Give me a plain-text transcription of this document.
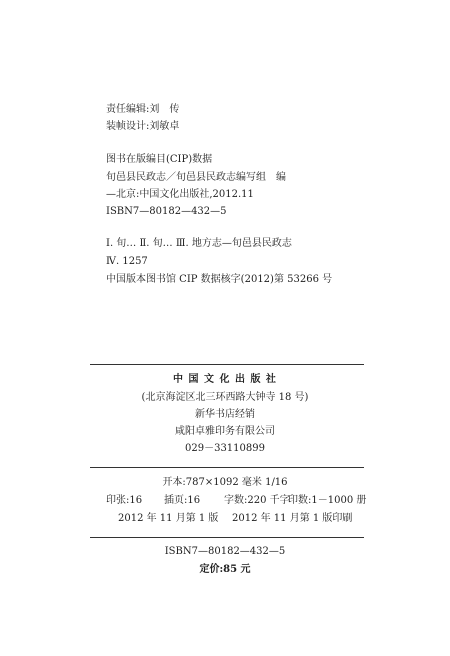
责任编辑:刘　传
装帧设计:刘敏卓
图书在版编目(CIP)数据
旬邑县民政志／旬邑县民政志编写组　编
—北京:中国文化出版社,2012.11
ISBN7—80182—432—5
Ⅰ. 旬… Ⅱ. 旬… Ⅲ. 地方志—旬邑县民政志
Ⅳ. 1257
中国版本图书馆 CIP 数据核字(2012)第 53266 号
中 国 文 化 出 版 社
(北京海淀区北三环西路大钟寺 18 号)
新华书店经销
咸阳卓雅印务有限公司
029－33110899
开本:787×1092 毫米 1/16
印张:16 插页:16 字数:220 千字
印数:1－1000 册
2012 年 11 月第 1 版 2012 年 11 月第 1 版印刷
ISBN7—80182—432—5
定价:85 元
